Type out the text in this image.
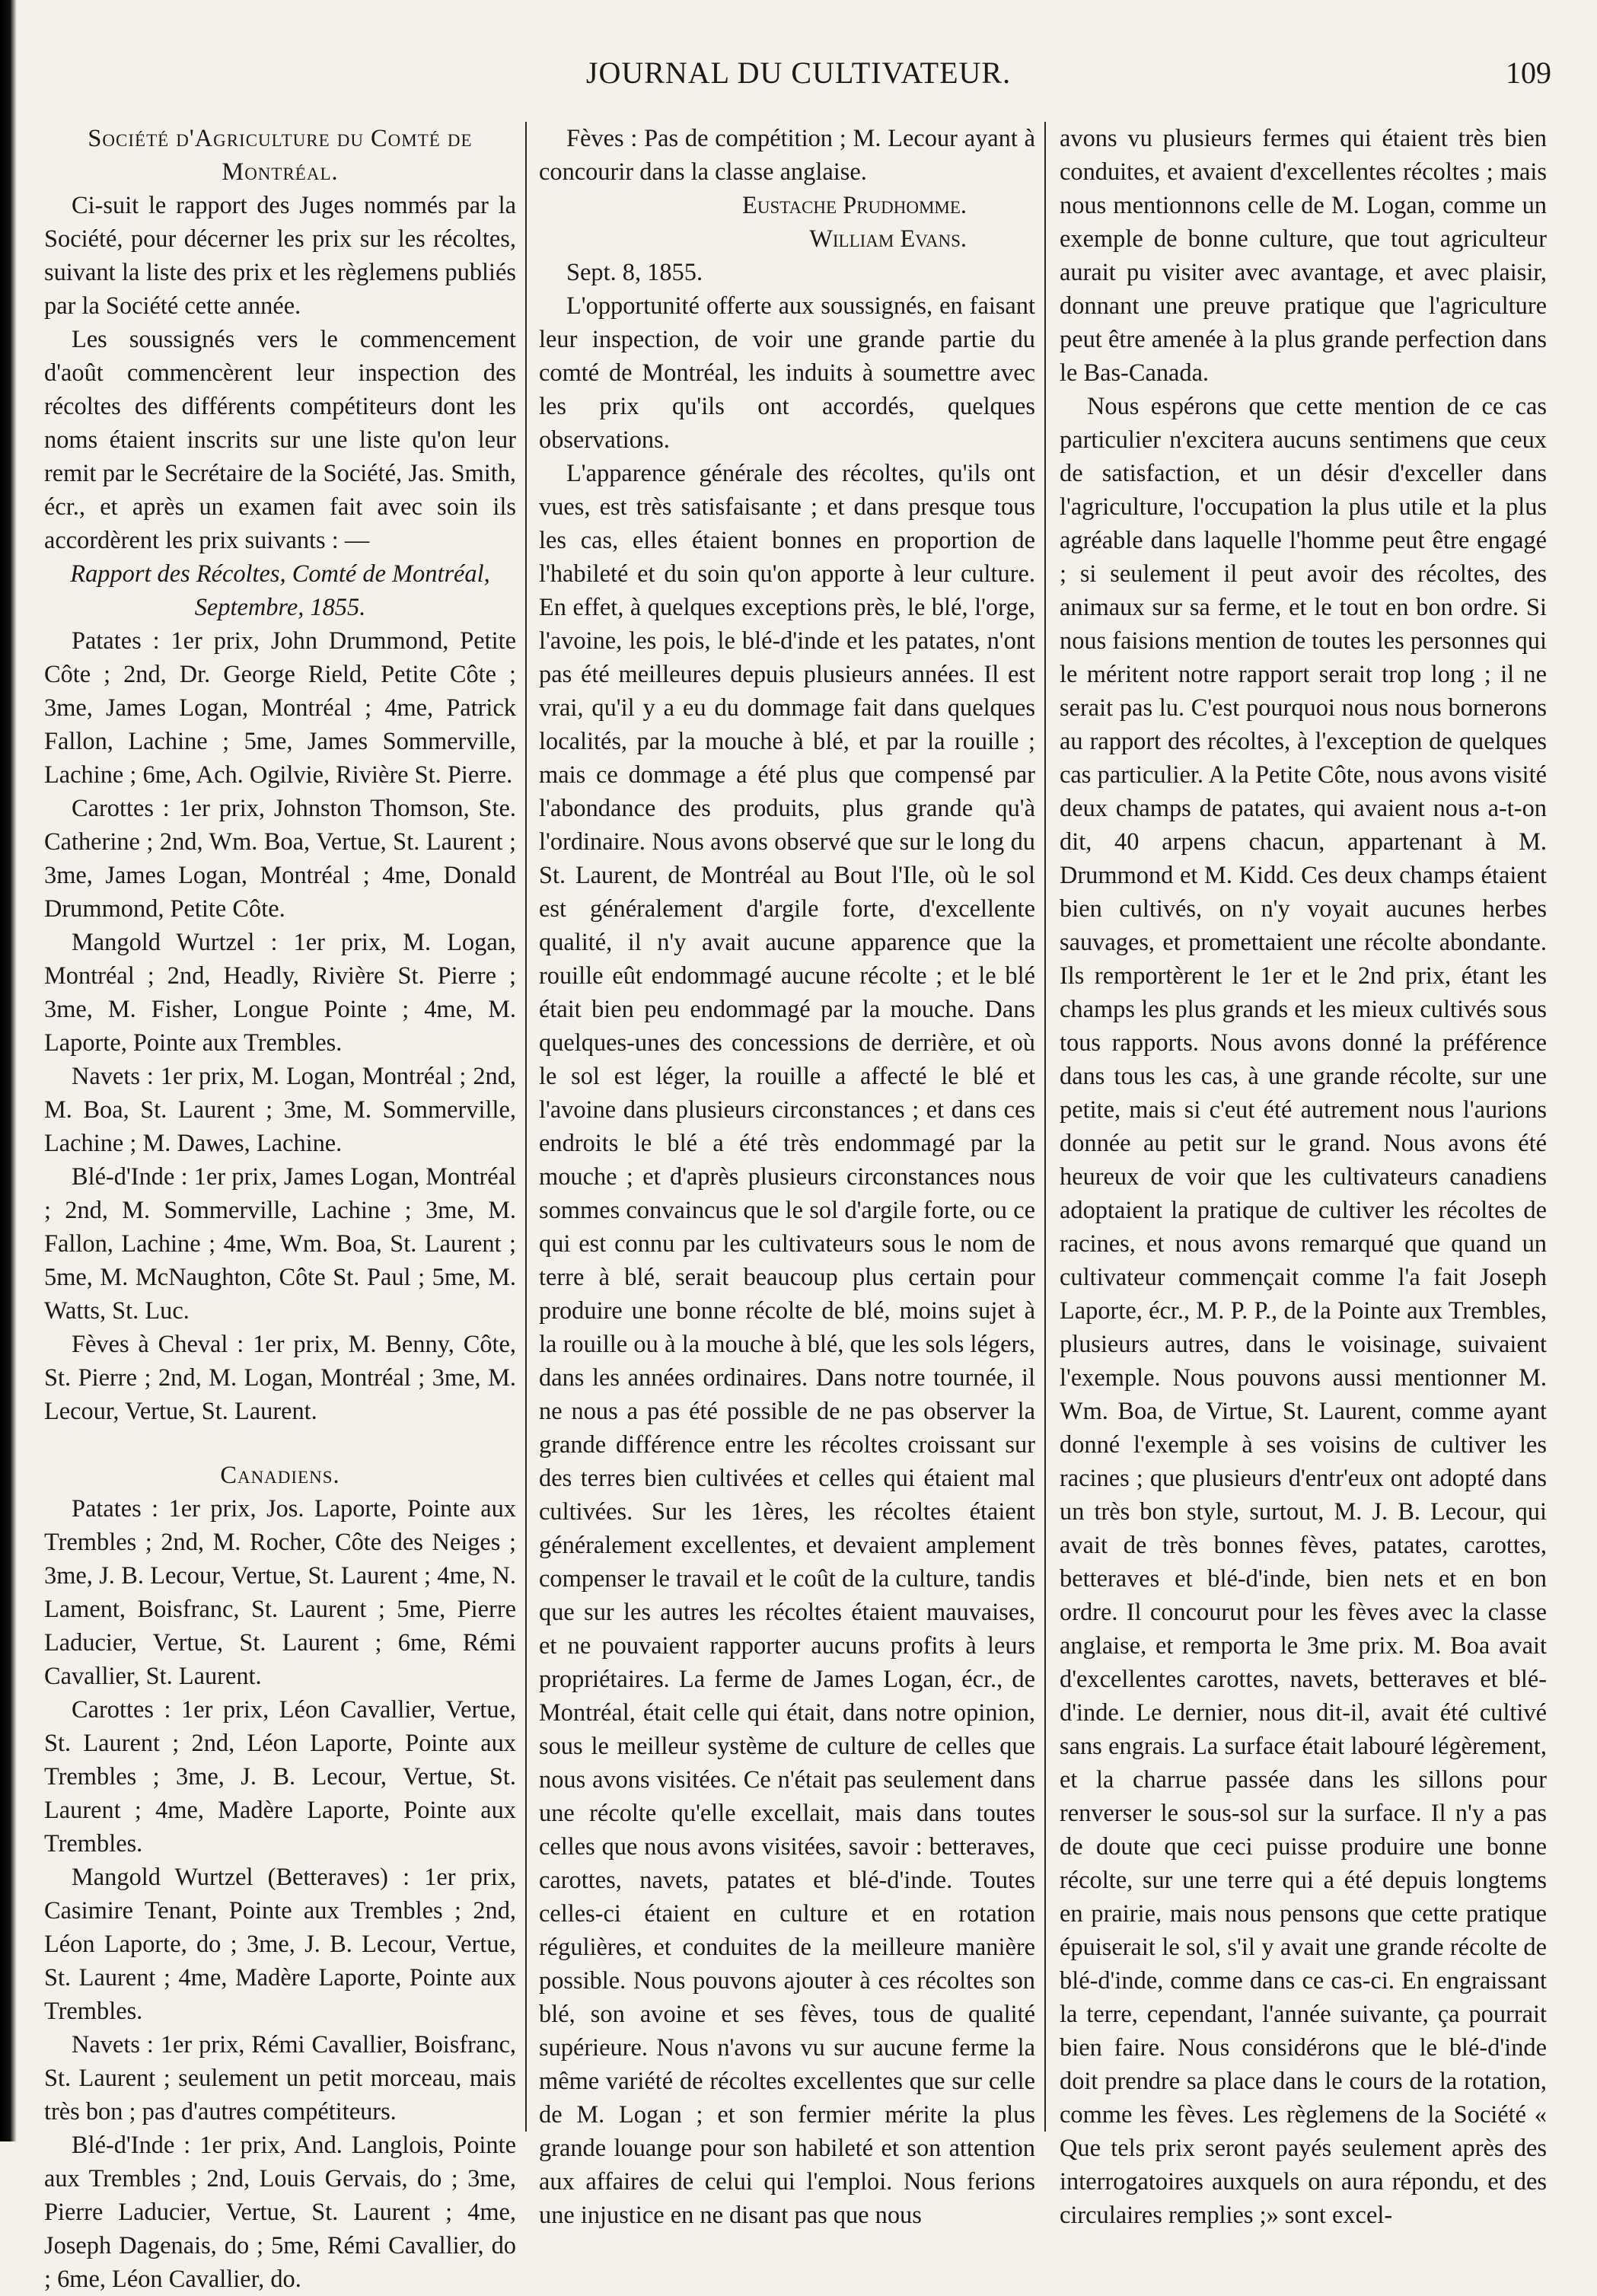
JOURNAL DU CULTIVATEUR.	109

Société d'Agriculture du Comté de Montréal.

Ci-suit le rapport des Juges nommés par la Société, pour décerner les prix sur les récoltes, suivant la liste des prix et les règlemens publiés par la Société cette année.

Les soussignés vers le commencement d'août commencèrent leur inspection des récoltes des différents compétiteurs dont les noms étaient inscrits sur une liste qu'on leur remit par le Secrétaire de la Société, Jas. Smith, écr., et après un examen fait avec soin ils accordèrent les prix suivants : —

Rapport des Récoltes, Comté de Montréal, Septembre, 1855.

Patates : 1er prix, John Drummond, Petite Côte ; 2nd, Dr. George Rield, Petite Côte ; 3me, James Logan, Montréal ; 4me, Patrick Fallon, Lachine ; 5me, James Sommerville, Lachine ; 6me, Ach. Ogilvie, Rivière St. Pierre.

Carottes : 1er prix, Johnston Thomson, Ste. Catherine ; 2nd, Wm. Boa, Vertue, St. Laurent ; 3me, James Logan, Montréal ; 4me, Donald Drummond, Petite Côte.

Mangold Wurtzel : 1er prix, M. Logan, Montréal ; 2nd, Headly, Rivière St. Pierre ; 3me, M. Fisher, Longue Pointe ; 4me, M. Laporte, Pointe aux Trembles.

Navets : 1er prix, M. Logan, Montréal ; 2nd, M. Boa, St. Laurent ; 3me, M. Sommerville, Lachine ; M. Dawes, Lachine.

Blé-d'Inde : 1er prix, James Logan, Montréal ; 2nd, M. Sommerville, Lachine ; 3me, M. Fallon, Lachine ; 4me, Wm. Boa, St. Laurent ; 5me, M. McNaughton, Côte St. Paul ; 5me, M. Watts, St. Luc.

Fèves à Cheval : 1er prix, M. Benny, Côte, St. Pierre ; 2nd, M. Logan, Montréal ; 3me, M. Lecour, Vertue, St. Laurent.

Canadiens.

Patates : 1er prix, Jos. Laporte, Pointe aux Trembles ; 2nd, M. Rocher, Côte des Neiges ; 3me, J. B. Lecour, Vertue, St. Laurent ; 4me, N. Lament, Boisfranc, St. Laurent ; 5me, Pierre Laducier, Vertue, St. Laurent ; 6me, Rémi Cavallier, St. Laurent.

Carottes : 1er prix, Léon Cavallier, Vertue, St. Laurent ; 2nd, Léon Laporte, Pointe aux Trembles ; 3me, J. B. Lecour, Vertue, St. Laurent ; 4me, Madère Laporte, Pointe aux Trembles.

Mangold Wurtzel (Betteraves) : 1er prix, Casimire Tenant, Pointe aux Trembles ; 2nd, Léon Laporte, do ; 3me, J. B. Lecour, Vertue, St. Laurent ; 4me, Madère Laporte, Pointe aux Trembles.

Navets : 1er prix, Rémi Cavallier, Boisfranc, St. Laurent ; seulement un petit morceau, mais très bon ; pas d'autres compétiteurs.

Blé-d'Inde : 1er prix, And. Langlois, Pointe aux Trembles ; 2nd, Louis Gervais, do ; 3me, Pierre Laducier, Vertue, St. Laurent ; 4me, Joseph Dagenais, do ; 5me, Rémi Cavallier, do ; 6me, Léon Cavallier, do.

Fèves : Pas de compétition ; M. Lecour ayant à concourir dans la classe anglaise.

Eustache Prudhomme.

William Evans.

Sept. 8, 1855.

L'opportunité offerte aux soussignés, en faisant leur inspection, de voir une grande partie du comté de Montréal, les induits à soumettre avec les prix qu'ils ont accordés, quelques observations.

L'apparence générale des récoltes, qu'ils ont vues, est très satisfaisante ; et dans presque tous les cas, elles étaient bonnes en proportion de l'habileté et du soin qu'on apporte à leur culture. En effet, à quelques exceptions près, le blé, l'orge, l'avoine, les pois, le blé-d'inde et les patates, n'ont pas été meilleures depuis plusieurs années. Il est vrai, qu'il y a eu du dommage fait dans quelques localités, par la mouche à blé, et par la rouille ; mais ce dommage a été plus que compensé par l'abondance des produits, plus grande qu'à l'ordinaire. Nous avons observé que sur le long du St. Laurent, de Montréal au Bout l'Ile, où le sol est généralement d'argile forte, d'excellente qualité, il n'y avait aucune apparence que la rouille eût endommagé aucune récolte ; et le blé était bien peu endommagé par la mouche. Dans quelques-unes des concessions de derrière, et où le sol est léger, la rouille a affecté le blé et l'avoine dans plusieurs circonstances ; et dans ces endroits le blé a été très endommagé par la mouche ; et d'après plusieurs circonstances nous sommes convaincus que le sol d'argile forte, ou ce qui est connu par les cultivateurs sous le nom de terre à blé, serait beaucoup plus certain pour produire une bonne récolte de blé, moins sujet à la rouille ou à la mouche à blé, que les sols légers, dans les années ordinaires. Dans notre tournée, il ne nous a pas été possible de ne pas observer la grande différence entre les récoltes croissant sur des terres bien cultivées et celles qui étaient mal cultivées. Sur les 1ères, les récoltes étaient généralement excellentes, et devaient amplement compenser le travail et le coût de la culture, tandis que sur les autres les récoltes étaient mauvaises, et ne pouvaient rapporter aucuns profits à leurs propriétaires. La ferme de James Logan, écr., de Montréal, était celle qui était, dans notre opinion, sous le meilleur système de culture de celles que nous avons visitées. Ce n'était pas seulement dans une récolte qu'elle excellait, mais dans toutes celles que nous avons visitées, savoir : betteraves, carottes, navets, patates et blé-d'inde. Toutes celles-ci étaient en culture et en rotation régulières, et conduites de la meilleure manière possible. Nous pouvons ajouter à ces récoltes son blé, son avoine et ses fèves, tous de qualité supérieure. Nous n'avons vu sur aucune ferme la même variété de récoltes excellentes que sur celle de M. Logan ; et son fermier mérite la plus grande louange pour son habileté et son attention aux affaires de celui qui l'emploi. Nous ferions une injustice en ne disant pas que nous

avons vu plusieurs fermes qui étaient très bien conduites, et avaient d'excellentes récoltes ; mais nous mentionnons celle de M. Logan, comme un exemple de bonne culture, que tout agriculteur aurait pu visiter avec avantage, et avec plaisir, donnant une preuve pratique que l'agriculture peut être amenée à la plus grande perfection dans le Bas-Canada.

Nous espérons que cette mention de ce cas particulier n'excitera aucuns sentimens que ceux de satisfaction, et un désir d'exceller dans l'agriculture, l'occupation la plus utile et la plus agréable dans laquelle l'homme peut être engagé ; si seulement il peut avoir des récoltes, des animaux sur sa ferme, et le tout en bon ordre. Si nous faisions mention de toutes les personnes qui le méritent notre rapport serait trop long ; il ne serait pas lu. C'est pourquoi nous nous bornerons au rapport des récoltes, à l'exception de quelques cas particulier. A la Petite Côte, nous avons visité deux champs de patates, qui avaient nous a-t-on dit, 40 arpens chacun, appartenant à M. Drummond et M. Kidd. Ces deux champs étaient bien cultivés, on n'y voyait aucunes herbes sauvages, et promettaient une récolte abondante. Ils remportèrent le 1er et le 2nd prix, étant les champs les plus grands et les mieux cultivés sous tous rapports. Nous avons donné la préférence dans tous les cas, à une grande récolte, sur une petite, mais si c'eut été autrement nous l'aurions donnée au petit sur le grand. Nous avons été heureux de voir que les cultivateurs canadiens adoptaient la pratique de cultiver les récoltes de racines, et nous avons remarqué que quand un cultivateur commençait comme l'a fait Joseph Laporte, écr., M. P. P., de la Pointe aux Trembles, plusieurs autres, dans le voisinage, suivaient l'exemple. Nous pouvons aussi mentionner M. Wm. Boa, de Virtue, St. Laurent, comme ayant donné l'exemple à ses voisins de cultiver les racines ; que plusieurs d'entr'eux ont adopté dans un très bon style, surtout, M. J. B. Lecour, qui avait de très bonnes fèves, patates, carottes, betteraves et blé-d'inde, bien nets et en bon ordre. Il concourut pour les fèves avec la classe anglaise, et remporta le 3me prix. M. Boa avait d'excellentes carottes, navets, betteraves et blé-d'inde. Le dernier, nous dit-il, avait été cultivé sans engrais. La surface était labouré légèrement, et la charrue passée dans les sillons pour renverser le sous-sol sur la surface. Il n'y a pas de doute que ceci puisse produire une bonne récolte, sur une terre qui a été depuis longtems en prairie, mais nous pensons que cette pratique épuiserait le sol, s'il y avait une grande récolte de blé-d'inde, comme dans ce cas-ci. En engraissant la terre, cependant, l'année suivante, ça pourrait bien faire. Nous considérons que le blé-d'inde doit prendre sa place dans le cours de la rotation, comme les fèves. Les règlemens de la Société « Que tels prix seront payés seulement après des interrogatoires auxquels on aura répondu, et des circulaires remplies ;» sont excel-
